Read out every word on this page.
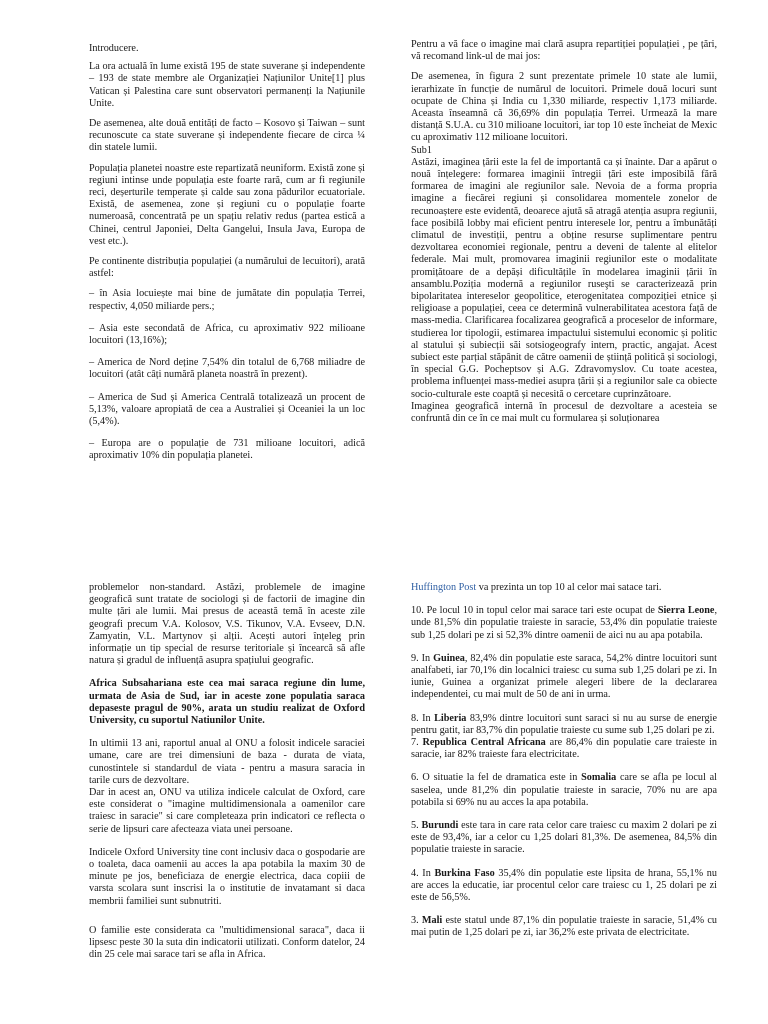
Introducere.

La ora actuală în lume există 195 de state suverane și independente – 193 de state membre ale Organizației Națiunilor Unite[1] plus Vatican și Palestina care sunt observatori permanenți la Națiunile Unite.

De asemenea, alte două entități de facto – Kosovo și Taiwan – sunt recunoscute ca state suverane și independente fiecare de circa ¼ din statele lumii.

Populația planetei noastre este repartizată neuniform. Există zone și regiuni intinse unde populația este foarte rară, cum ar fi regiunile reci, deșerturile temperate și calde sau zona pădurilor ecuatoriale. Există, de asemenea, zone și regiuni cu o populație foarte numeroasă, concentrată pe un spațiu relativ redus (partea estică a Chinei, centrul Japoniei, Delta Gangelui, Insula Java, Europa de vest etc.).

Pe continente distribuția populației (a numărului de lecuitori), arată astfel:

– în Asia locuiește mai bine de jumătate din populația Terrei, respectiv, 4,050 miliarde pers.;

– Asia este secondată de Africa, cu aproximativ 922 milioane locuitori (13,16%);

– America de Nord deține 7,54% din totalul de 6,768 miliadre de locuitori (atât câți numără planeta noastră în prezent).

– America de Sud și America Centrală totalizează un procent de 5,13%, valoare apropiată de cea a Australiei și Oceaniei la un loc (5,4%).

– Europa are o populație de 731 milioane locuitori, adică aproximativ 10% din populația planetei.

Pentru a vă face o imagine mai clară asupra repartiției populației , pe țări, vă recomand link-ul de mai jos:

De asemenea, în figura 2 sunt prezentate primele 10 state ale lumii, ierarhizate în funcție de numărul de locuitori. Primele două locuri sunt ocupate de China și India cu 1,330 miliarde, respectiv 1,173 miliarde. Aceasta înseamnă că 36,69% din populația Terrei. Urmează la mare distanță S.U.A. cu 310 milioane locuitori, iar top 10 este încheiat de Mexic cu aproximativ 112 milioane locuitori.

Sub1

Astăzi, imaginea țării este la fel de importantă ca și înainte. Dar a apărut o nouă înțelegere: formarea imaginii întregii țări este imposibilă fără formarea de imagini ale regiunilor sale. Nevoia de a forma propria imagine a fiecărei regiuni și consolidarea momentele zonelor de recunoaștere este evidentă, deoarece ajută să atragă atenția asupra regiunii, face posibilă lobby mai eficient pentru interesele lor, pentru a îmbunătăți climatul de investiții, pentru a obține resurse suplimentare pentru dezvoltarea economiei regionale, pentru a deveni de talente al elitelor federale. Mai mult, promovarea imaginii regiunilor este o modalitate promițătoare de a depăși dificultățile în modelarea imaginii țării în ansamblu.Poziția modernă a regiunilor ruseşti se caracterizează prin bipolaritatea intereselor geopolitice, eterogenitatea compoziției etnice și religioase a populației, ceea ce determină vulnerabilitatea acestora față de mass-media. Clarificarea focalizarea geografică a proceselor de informare, studierea lor tipologii, estimarea impactului sistemului economic și politic al statului și subiecții săi sotsiogeografy intern, practic, angajat. Acest subiect este parțial stăpânit de către oamenii de știință politică și sociologi, în special G.G. Pocheptsov și A.G. Zdravomyslov. Cu toate acestea, problema influenței mass-mediei asupra țării și a regiunilor sale ca obiecte socio-culturale este coaptă și necesită o cercetare cuprinzătoare.

Imaginea geografică internă în procesul de dezvoltare a acesteia se confruntă din ce în ce mai mult cu formularea și soluționarea

problemelor non-standard. Astăzi, problemele de imagine geografică sunt tratate de sociologi și de factorii de imagine din multe țări ale lumii. Mai presus de această temă în aceste zile geografi precum V.A. Kolosov, V.S. Tikunov, V.A. Evseev, D.N. Zamyatin, V.L. Martynov și alții. Acești autori înțeleg prin informație un tip special de resurse teritoriale și încearcă să afle natura și gradul de influență asupra spațiului geografic.

Africa Subsahariana este cea mai saraca regiune din lume, urmata de Asia de Sud, iar in aceste zone populatia saraca depaseste pragul de 90%, arata un studiu realizat de Oxford University, cu suportul Natiunilor Unite.

In ultimii 13 ani, raportul anual al ONU a folosit indicele saraciei umane, care are trei dimensiuni de baza - durata de viata, cunostintele si standardul de viata - pentru a masura saracia in tarile curs de dezvoltare.

Dar in acest an, ONU va utiliza indicele calculat de Oxford, care este considerat o "imagine multidimensionala a oamenilor care traiesc in saracie" si care completeaza prin indicatori ce reflecta o serie de lipsuri care afecteaza viata unei persoane.

Indicele Oxford University tine cont inclusiv daca o gospodarie are o toaleta, daca oamenii au acces la apa potabila la maxim 30 de minute pe jos, beneficiaza de energie electrica, daca copiii de varsta scolara sunt inscrisi la o institutie de invatamant si daca membrii familiei sunt subnutriti.

O familie este considerata ca "multidimensional saraca", daca ii lipsesc peste 30 la suta din indicatorii utilizati. Conform datelor, 24 din 25 cele mai sarace tari se afla in Africa.

Huffington Post va prezinta un top 10 al celor mai satace tari.

10. Pe locul 10 in topul celor mai sarace tari este ocupat de Sierra Leone, unde 81,5% din populatie traieste in saracie, 53,4% din populatie traieste sub 1,25 dolari pe zi si 52,3% dintre oamenii de aici nu au apa potabila.

9. In Guinea, 82,4% din populatie este saraca, 54,2% dintre locuitori sunt analfabeti, iar 70,1% din localnici traiesc cu suma sub 1,25 dolari pe zi. In iunie, Guinea a organizat primele alegeri libere de la declararea independentei, cu mai mult de 50 de ani in urma.

8. In Liberia 83,9% dintre locuitori sunt saraci si nu au surse de energie pentru gatit, iar 83,7% din populatie traieste cu sume sub 1,25 dolari pe zi.

7. Republica Central Africana are 86,4% din populatie care traieste in saracie, iar 82% traieste fara electricitate.

6. O situatie la fel de dramatica este in Somalia care se afla pe locul al saselea, unde 81,2% din populatie traieste in saracie, 70% nu are apa potabila si 69% nu au acces la apa potabila.

5. Burundi este tara in care rata celor care traiesc cu maxim 2 dolari pe zi este de 93,4%, iar a celor cu 1,25 dolari 81,3%. De asemenea, 84,5% din populatie traieste in saracie.

4. In Burkina Faso 35,4% din populatie este lipsita de hrana, 55,1% nu are acces la educatie, iar procentul celor care traiesc cu 1, 25 dolari pe zi este de 56,5%.

3. Mali este statul unde 87,1% din populatie traieste in saracie, 51,4% cu mai putin de 1,25 dolari pe zi, iar 36,2% este privata de electricitate.
